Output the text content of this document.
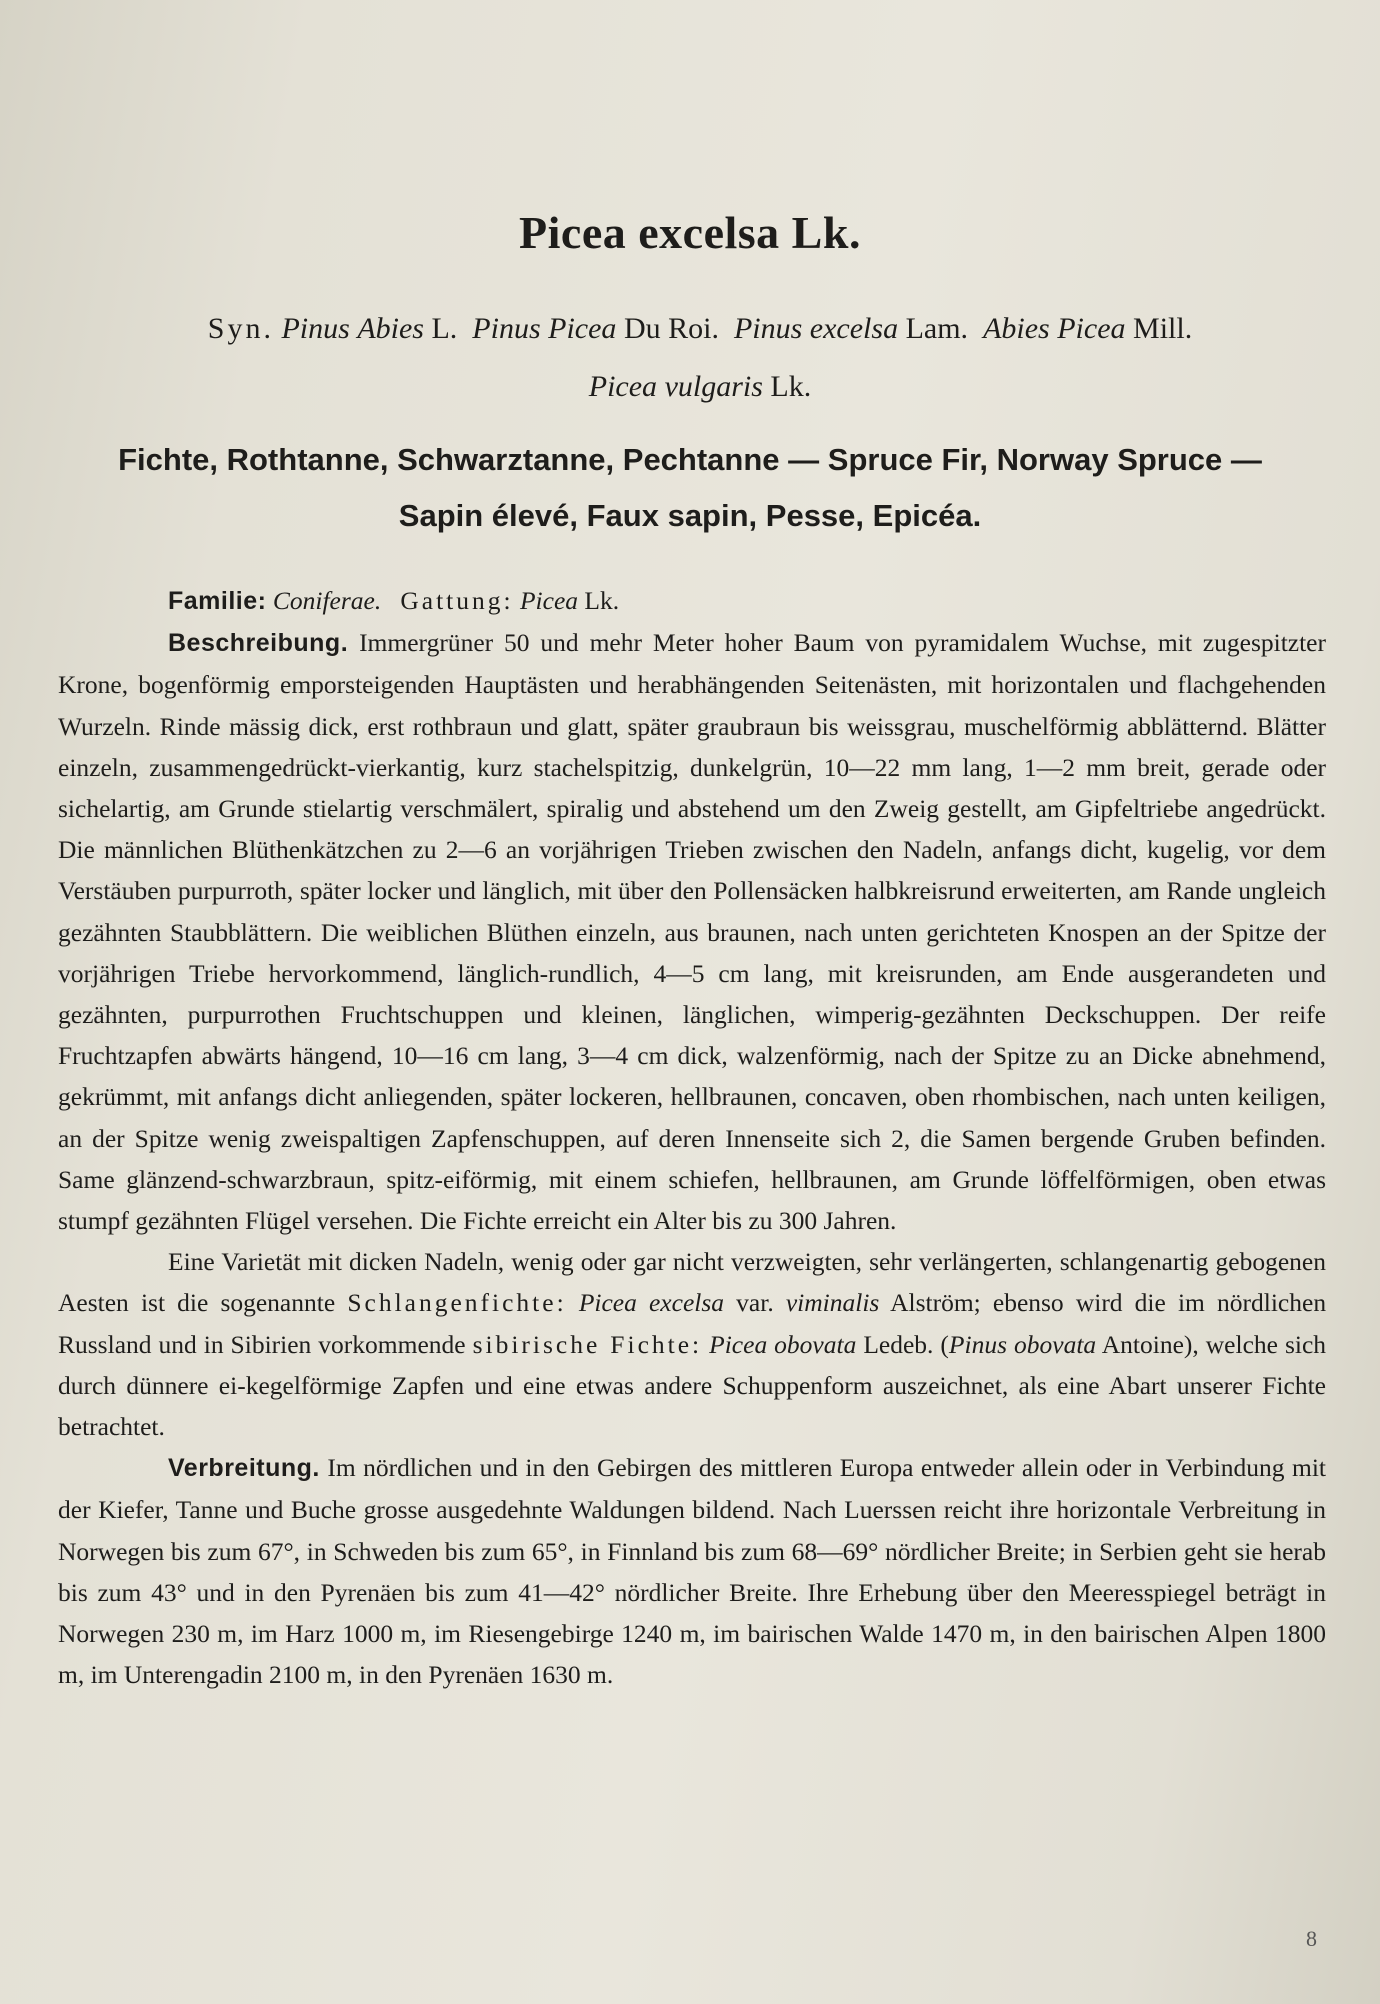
Picea excelsa Lk.
Syn. Pinus Abies L. Pinus Picea Du Roi. Pinus excelsa Lam. Abies Picea Mill.
Picea vulgaris Lk.
Fichte, Rothtanne, Schwarztanne, Pechtanne — Spruce Fir, Norway Spruce —
Sapin élevé, Faux sapin, Pesse, Epicéa.

Familie: Coniferae. Gattung: Picea Lk.

Beschreibung. Immergrüner 50 und mehr Meter hoher Baum von pyramidalem Wuchse, mit zugespitzter Krone, bogenförmig emporsteigenden Hauptästen und herabhängenden Seitenästen, mit horizontalen und flachgehenden Wurzeln. Rinde mässig dick, erst rothbraun und glatt, später graubraun bis weissgrau, muschelförmig abblätternd. Blätter einzeln, zusammengedrückt-vierkantig, kurz stachelspitzig, dunkelgrün, 10—22 mm lang, 1—2 mm breit, gerade oder sichelartig, am Grunde stielartig verschmälert, spiralig und abstehend um den Zweig gestellt, am Gipfeltriebe angedrückt. Die männlichen Blüthenkätzchen zu 2—6 an vorjährigen Trieben zwischen den Nadeln, anfangs dicht, kugelig, vor dem Verstäuben purpurroth, später locker und länglich, mit über den Pollensäcken halbkreisrund erweiterten, am Rande ungleich gezähnten Staubblättern. Die weiblichen Blüthen einzeln, aus braunen, nach unten gerichteten Knospen an der Spitze der vorjährigen Triebe hervorkommend, länglich-rundlich, 4—5 cm lang, mit kreisrunden, am Ende ausgerandeten und gezähnten, purpurrothen Fruchtschuppen und kleinen, länglichen, wimperig-gezähnten Deckschuppen. Der reife Fruchtzapfen abwärts hängend, 10—16 cm lang, 3—4 cm dick, walzenförmig, nach der Spitze zu an Dicke abnehmend, gekrümmt, mit anfangs dicht anliegenden, später lockeren, hellbraunen, concaven, oben rhombischen, nach unten keiligen, an der Spitze wenig zweispaltigen Zapfenschuppen, auf deren Innenseite sich 2, die Samen bergende Gruben befinden. Same glänzend-schwarzbraun, spitz-eiförmig, mit einem schiefen, hellbraunen, am Grunde löffelförmigen, oben etwas stumpf gezähnten Flügel versehen. Die Fichte erreicht ein Alter bis zu 300 Jahren.

Eine Varietät mit dicken Nadeln, wenig oder gar nicht verzweigten, sehr verlängerten, schlangenartig gebogenen Aesten ist die sogenannte Schlangenfichte: Picea excelsa var. viminalis Alström; ebenso wird die im nördlichen Russland und in Sibirien vorkommende sibirische Fichte: Picea obovata Ledeb. (Pinus obovata Antoine), welche sich durch dünnere ei-kegelförmige Zapfen und eine etwas andere Schuppenform auszeichnet, als eine Abart unserer Fichte betrachtet.

Verbreitung. Im nördlichen und in den Gebirgen des mittleren Europa entweder allein oder in Verbindung mit der Kiefer, Tanne und Buche grosse ausgedehnte Waldungen bildend. Nach Luerssen reicht ihre horizontale Verbreitung in Norwegen bis zum 67°, in Schweden bis zum 65°, in Finnland bis zum 68—69° nördlicher Breite; in Serbien geht sie herab bis zum 43° und in den Pyrenäen bis zum 41—42° nördlicher Breite. Ihre Erhebung über den Meeresspiegel beträgt in Norwegen 230 m, im Harz 1000 m, im Riesengebirge 1240 m, im bairischen Walde 1470 m, in den bairischen Alpen 1800 m, im Unterengadin 2100 m, in den Pyrenäen 1630 m.

8
